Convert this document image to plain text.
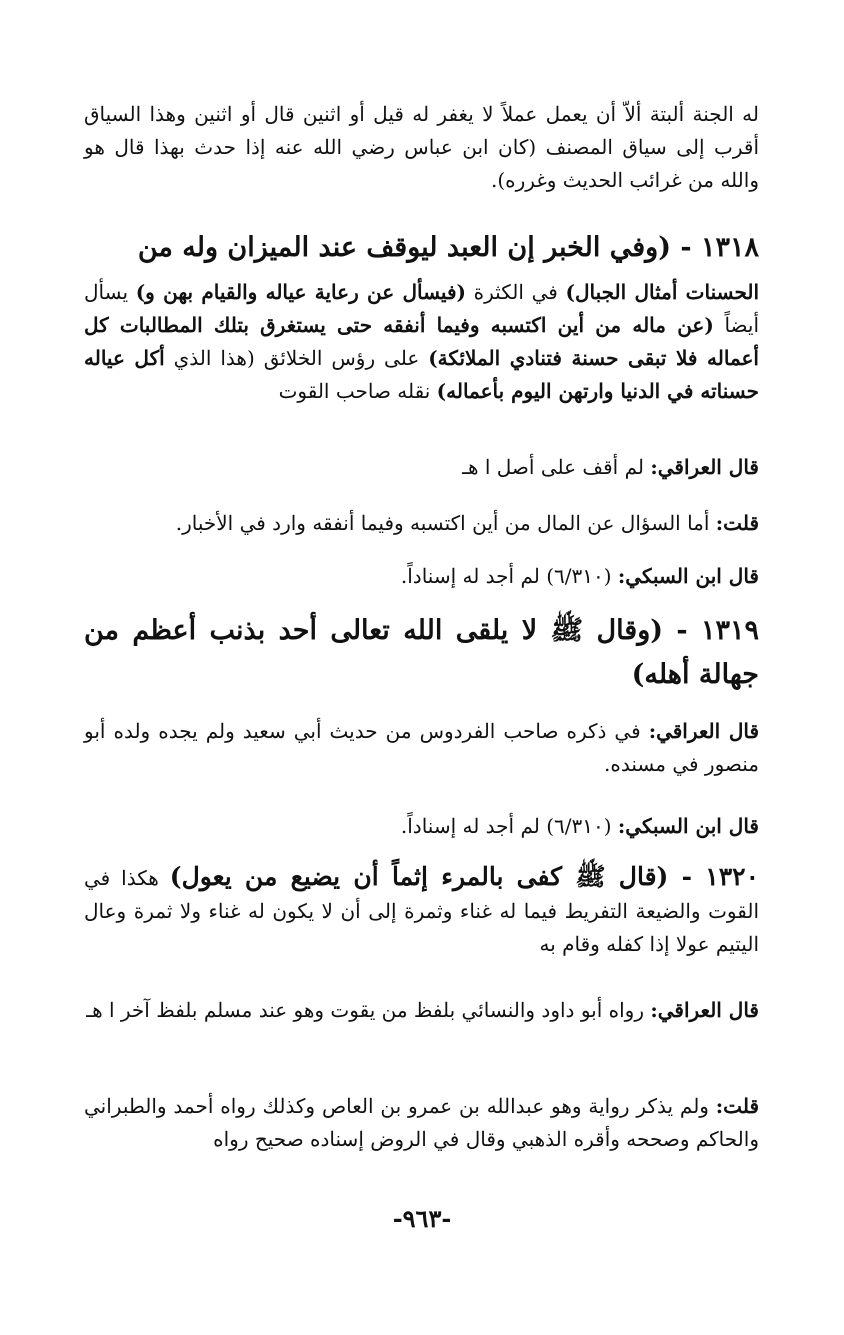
له الجنة ألبتة ألاّ أن يعمل عملاً لا يغفر له قيل أو اثنين قال أو اثنين وهذا السياق أقرب إلى سياق المصنف (كان ابن عباس رضي الله عنه إذا حدث بهذا قال هو والله من غرائب الحديث وغرره).

١٣١٨ - (وفي الخبر إن العبد ليوقف عند الميزان وله من

الحسنات أمثال الجبال) في الكثرة (فيسأل عن رعاية عياله والقيام بهن و) يسأل أيضاً (عن ماله من أين اكتسبه وفيما أنفقه حتى يستغرق بتلك المطالبات كل أعماله فلا تبقى حسنة فتنادي الملائكة) على رؤس الخلائق (هذا الذي أكل عياله حسناته في الدنيا وارتهن اليوم بأعماله) نقله صاحب القوت

قال العراقي: لم أقف على أصل ا هـ

قلت: أما السؤال عن المال من أين اكتسبه وفيما أنفقه وارد في الأخبار.

قال ابن السبكي: (٦/٣١٠) لم أجد له إسناداً.

١٣١٩ - (وقال ﷺ لا يلقى الله تعالى أحد بذنب أعظم من جهالة أهله)

قال العراقي: في ذكره صاحب الفردوس من حديث أبي سعيد ولم يجده ولده أبو منصور في مسنده.

قال ابن السبكي: (٦/٣١٠) لم أجد له إسناداً.

١٣٢٠ - (قال ﷺ كفى بالمرء إثماً أن يضيع من يعول) هكذا في القوت والضيعة التفريط فيما له غناء وثمرة إلى أن لا يكون له غناء ولا ثمرة وعال اليتيم عولا إذا كفله وقام به

قال العراقي: رواه أبو داود والنسائي بلفظ من يقوت وهو عند مسلم بلفظ آخر ا هـ

قلت: ولم يذكر رواية وهو عبدالله بن عمرو بن العاص وكذلك رواه أحمد والطبراني والحاكم وصححه وأقره الذهبي وقال في الروض إسناده صحيح رواه

-٩٦٣-
